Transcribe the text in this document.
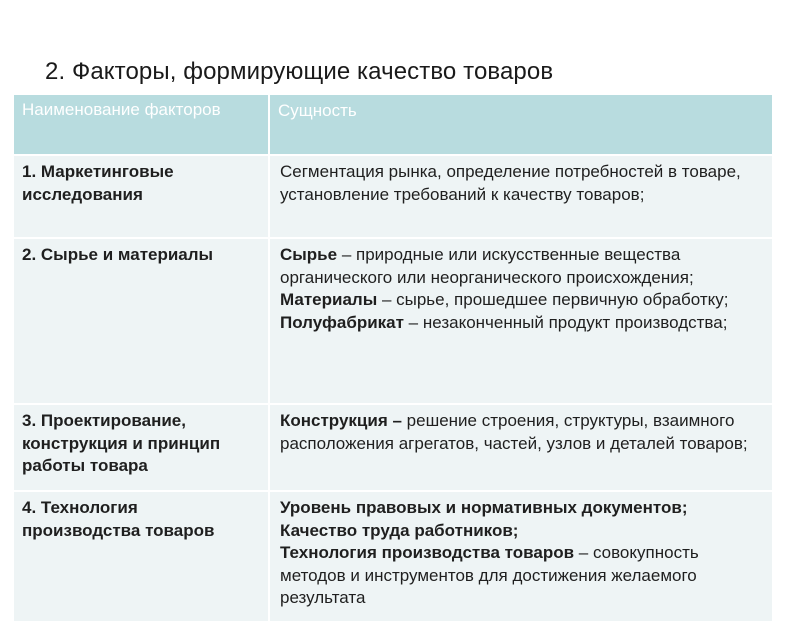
2. Факторы, формирующие качество товаров
Наименование факторов	Сущность
1. Маркетинговые исследования	Сегментация рынка, определение потребностей в товаре, установление требований к качеству товаров;
2. Сырье и материалы	Сырье – природные или искусственные вещества органического или неорганического происхождения;
Материалы – сырье, прошедшее первичную обработку;
Полуфабрикат – незаконченный продукт производства;

3. Проектирование, конструкция и принцип работы товара	Конструкция – решение строения, структуры, взаимного расположения агрегатов, частей, узлов и деталей товаров;
4. Технология производства товаров	Уровень правовых и нормативных документов;
Качество труда работников;
Технология производства товаров – совокупность методов и инструментов для достижения желаемого результата
